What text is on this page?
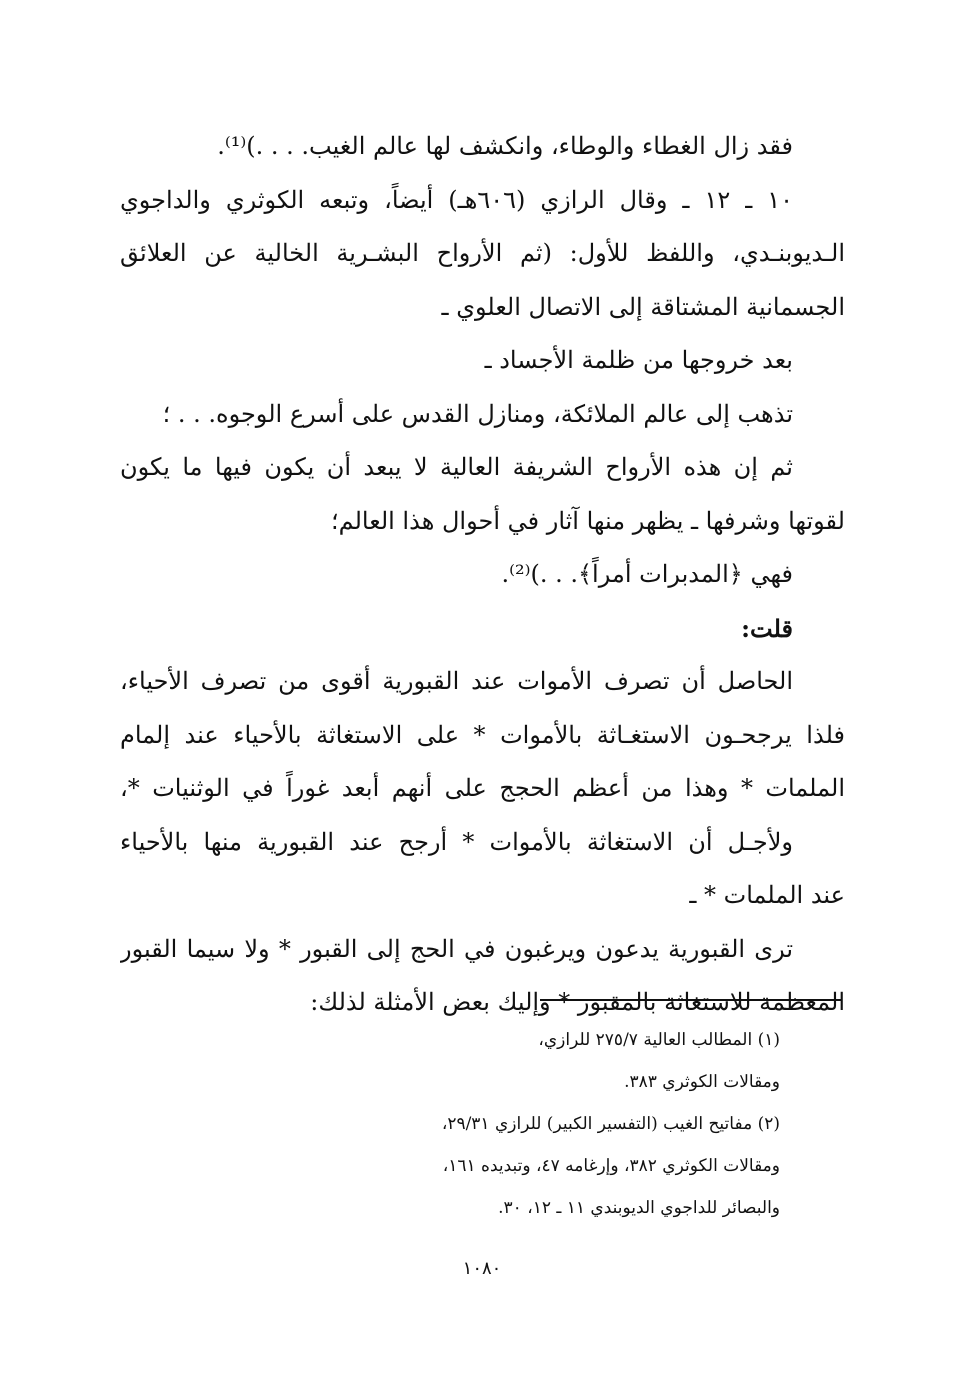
فقد زال الغطاء والوطاء، وانكشف لها عالم الغيب. . . .)⁽¹⁾.
١٠ ـ ١٢ ـ وقال الرازي (٦٠٦هـ) أيضاً، وتبعه الكوثري والداجوي
الـديوبنـدي، واللفظ للأول: (ثم الأرواح البشـرية الخالية عن العلائق
الجسمانية المشتاقة إلى الاتصال العلوي ـ
بعد خروجها من ظلمة الأجساد ـ
تذهب إلى عالم الملائكة، ومنازل القدس على أسرع الوجوه. . . ؛
ثم إن هذه الأرواح الشريفة العالية لا يبعد أن يكون فيها ما يكون
لقوتها وشرفها ـ يظهر منها آثار في أحوال هذا العالم؛
فهي ﴿المدبرات أمراً﴾. . .)⁽²⁾.
قلت:
الحاصل أن تصرف الأموات عند القبورية أقوى من تصرف الأحياء،
فلذا يرجحـون الاستغـاثة بالأموات * على الاستغاثة بالأحياء عند إلمام
الملمات * وهذا من أعظم الحجج على أنهم أبعد غوراً في الوثنيات *،
ولأجـل أن الاستغاثة بالأموات * أرجح عند القبورية منها بالأحياء
عند الملمات * ـ
ترى القبورية يدعون ويرغبون في الحج إلى القبور * ولا سيما القبور
المعظمة للاستغاثة بالمقبور * وإليك بعض الأمثلة لذلك:
(١) المطالب العالية ٢٧٥/٧ للرازي،
ومقالات الكوثري ٣٨٣.
(٢) مفاتيح الغيب (التفسير الكبير) للرازي ٢٩/٣١،
ومقالات الكوثري ٣٨٢، وإرغامه ٤٧، وتبديده ١٦١،
والبصائر للداجوي الديوبندي ١١ ـ ١٢، ٣٠.
١٠٨٠
